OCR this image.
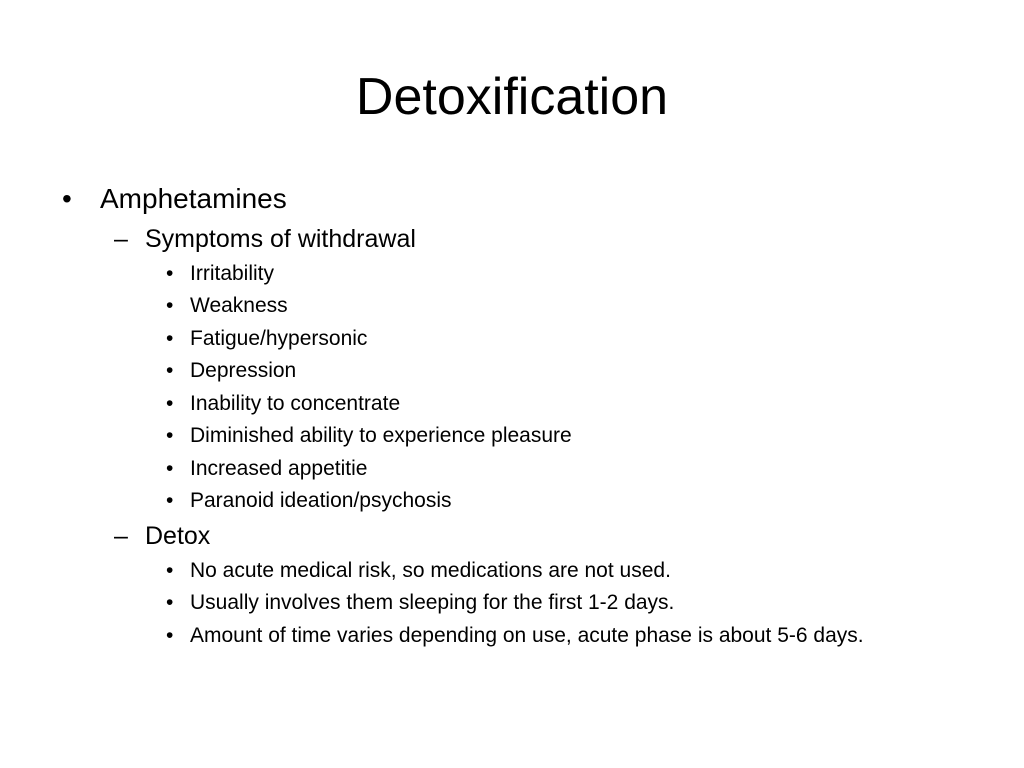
Detoxification
•	Amphetamines
– Symptoms of withdrawal
• Irritability
• Weakness
• Fatigue/hypersonic
• Depression
• Inability to concentrate
• Diminished ability to experience pleasure
• Increased appetitie
• Paranoid ideation/psychosis
– Detox
• No acute medical risk, so medications are not used.
• Usually involves them sleeping for the first 1-2 days.
• Amount of time varies depending on use, acute phase is about 5-6 days.
